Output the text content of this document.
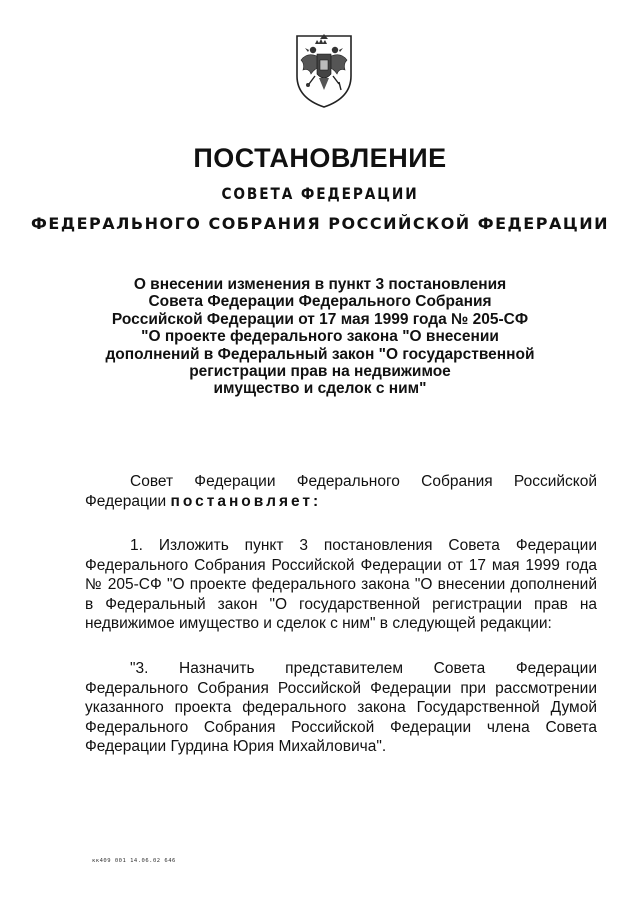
ПОСТАНОВЛЕНИЕ
СОВЕТА ФЕДЕРАЦИИ
ФЕДЕРАЛЬНОГО СОБРАНИЯ РОССИЙСКОЙ ФЕДЕРАЦИИ
О внесении изменения в пункт 3 постановления
Совета Федерации Федерального Собрания
Российской Федерации от 17 мая 1999 года № 205-СФ
"О проекте федерального закона "О внесении
дополнений в Федеральный закон "О государственной
регистрации прав на недвижимое
имущество и сделок с ним"
Совет Федерации Федерального Собрания Российской Федерации постановляет:
1. Изложить пункт 3 постановления Совета Федерации Федерального Собрания Российской Федерации от 17 мая 1999 года № 205-СФ "О проекте федерального закона "О внесении дополнений в Федеральный закон "О государственной регистрации прав на недвижимое имущество и сделок с ним" в следующей редакции:
"3. Назначить представителем Совета Федерации Федерального Собрания Российской Федерации при рассмотрении указанного проекта федерального закона Государственной Думой Федерального Собрания Российской Федерации члена Совета Федерации Гурдина Юрия Михайловича".
кк409 001 14.06.02 646
